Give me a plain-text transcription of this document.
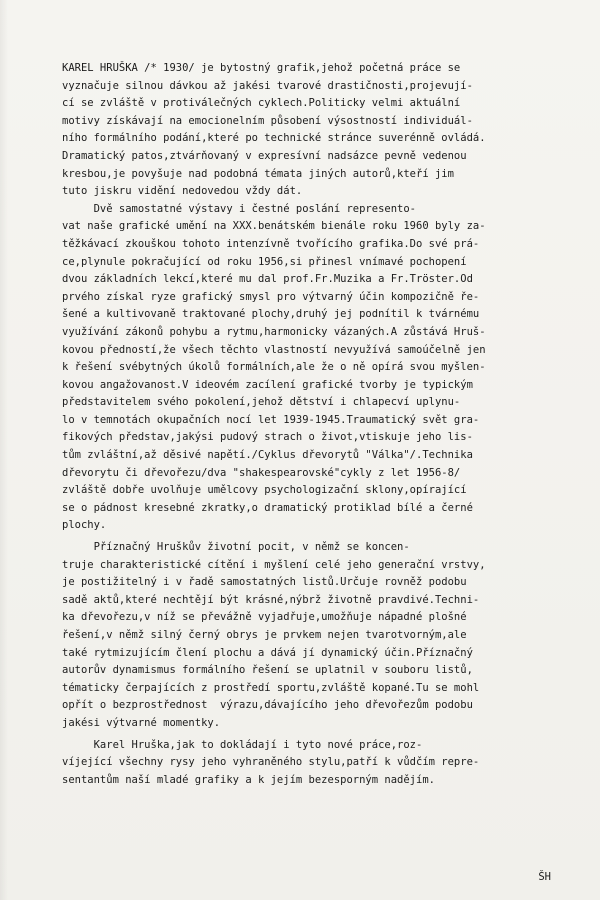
KAREL HRUŠKA /* 1930/ je bytostný grafik,jehož početná práce se
vyznačuje silnou dávkou až jakési tvarové drastičnosti,projevují-
cí se zvláště v protiválečných cyklech.Politicky velmi aktuální
motivy získávají na emocionelním působení výsostností individuál-
ního formálního podání,které po technické stránce suverénně ovládá.
Dramatický patos,ztvárňovaný v expresívní nadsázce pevně vedenou
kresbou,je povyšuje nad podobná témata jiných autorů,kteří jim
tuto jiskru vidění nedovedou vždy dát.
Dvě samostatné výstavy i čestné poslání represento-
vat naše grafické umění na XXX.benátském bienále roku 1960 byly za-
těžkávací zkouškou tohoto intenzívně tvořícího grafika.Do své prá-
ce,plynule pokračující od roku 1956,si přinesl vnímavé pochopení
dvou základních lekcí,které mu dal prof.Fr.Muzika a Fr.Tröster.Od
prvého získal ryze grafický smysl pro výtvarný účin kompozičně ře-
šené a kultivovaně traktované plochy,druhý jej podnítil k tvárnému
využívání zákonů pohybu a rytmu,harmonicky vázaných.A zůstává Hruš-
kovou předností,že všech těchto vlastností nevyužívá samoúčelně jen
k řešení svébytných úkolů formálních,ale že o ně opírá svou myšlen-
kovou angažovanost.V ideovém zacílení grafické tvorby je typickým
představitelem svého pokolení,jehož dětství i chlapecví uplynu-
lo v temnotách okupačních nocí let 1939-1945.Traumatický svět gra-
fikových představ,jakýsi pudový strach o život,vtiskuje jeho lis-
tům zvláštní,až děsivé napětí./Cyklus dřevorytů "Válka"/.Technika
dřevorytu či dřevořezu/dva "shakespearovské"cykly z let 1956-8/
zvláště dobře uvolňuje umělcovy psychologizační sklony,opírající
se o pádnost kresebné zkratky,o dramatický protiklad bílé a černé
plochy.
Příznačný Hruškův životní pocit, v němž se koncen-
truje charakteristické cítění i myšlení celé jeho generační vrstvy,
je postižitelný i v řadě samostatných listů.Určuje rovněž podobu
sadě aktů,které nechtějí být krásné,nýbrž životně pravdivé.Techni-
ka dřevořezu,v níž se převážně vyjadřuje,umožňuje nápadné plošné
řešení,v němž silný černý obrys je prvkem nejen tvarotvorným,ale
také rytmizujícím člení plochu a dává jí dynamický účin.Příznačný
autorův dynamismus formálního řešení se uplatnil v souboru listů,
tématicky čerpajících z prostředí sportu,zvláště kopané.Tu se mohl
opřít o bezprostřednost  výrazu,dávajícího jeho dřevořezům podobu
jakési výtvarné momentky.
Karel Hruška,jak to dokládají i tyto nové práce,roz-
víjející všechny rysy jeho vyhraněného stylu,patří k vůdčím repre-
sentantům naší mladé grafiky a k jejím bezesporným nadějím.
ŠH
